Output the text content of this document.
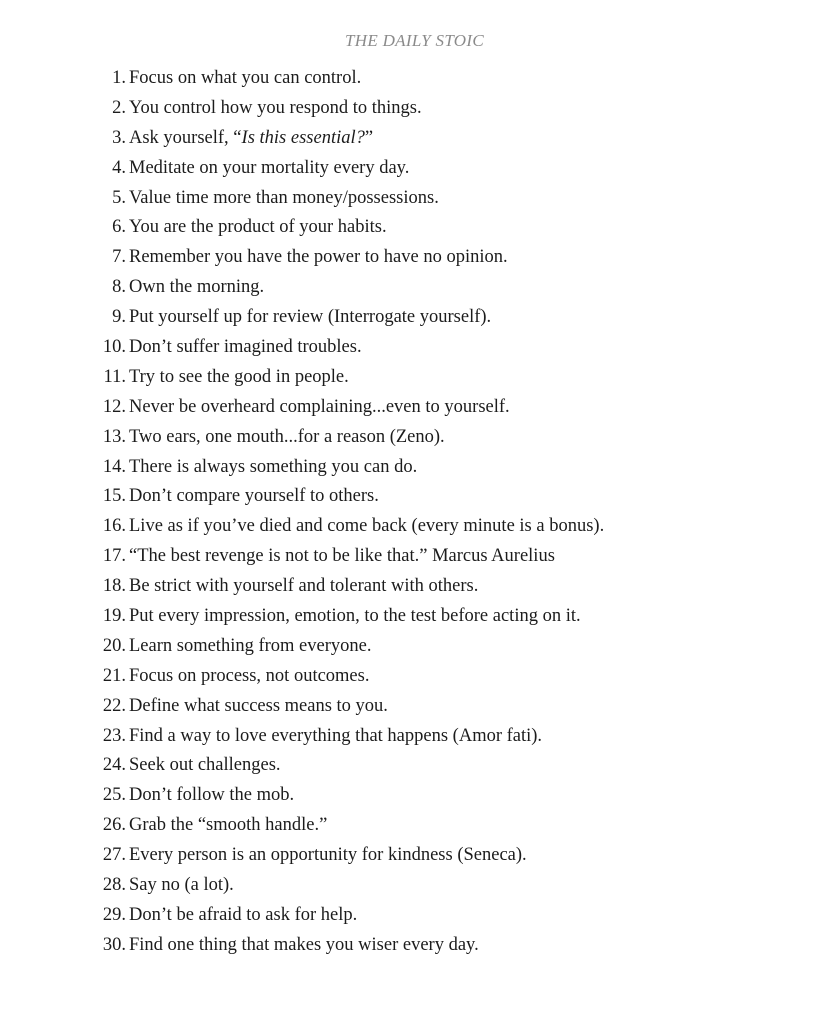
THE DAILY STOIC
1. Focus on what you can control.
2. You control how you respond to things.
3. Ask yourself, “Is this essential?”
4. Meditate on your mortality every day.
5. Value time more than money/possessions.
6. You are the product of your habits.
7. Remember you have the power to have no opinion.
8. Own the morning.
9. Put yourself up for review (Interrogate yourself).
10. Don’t suffer imagined troubles.
11. Try to see the good in people.
12. Never be overheard complaining...even to yourself.
13. Two ears, one mouth...for a reason (Zeno).
14. There is always something you can do.
15. Don’t compare yourself to others.
16. Live as if you’ve died and come back (every minute is a bonus).
17. “The best revenge is not to be like that.” Marcus Aurelius
18. Be strict with yourself and tolerant with others.
19. Put every impression, emotion, to the test before acting on it.
20. Learn something from everyone.
21. Focus on process, not outcomes.
22. Define what success means to you.
23. Find a way to love everything that happens (Amor fati).
24. Seek out challenges.
25. Don’t follow the mob.
26. Grab the “smooth handle.”
27. Every person is an opportunity for kindness (Seneca).
28. Say no (a lot).
29. Don’t be afraid to ask for help.
30. Find one thing that makes you wiser every day.
